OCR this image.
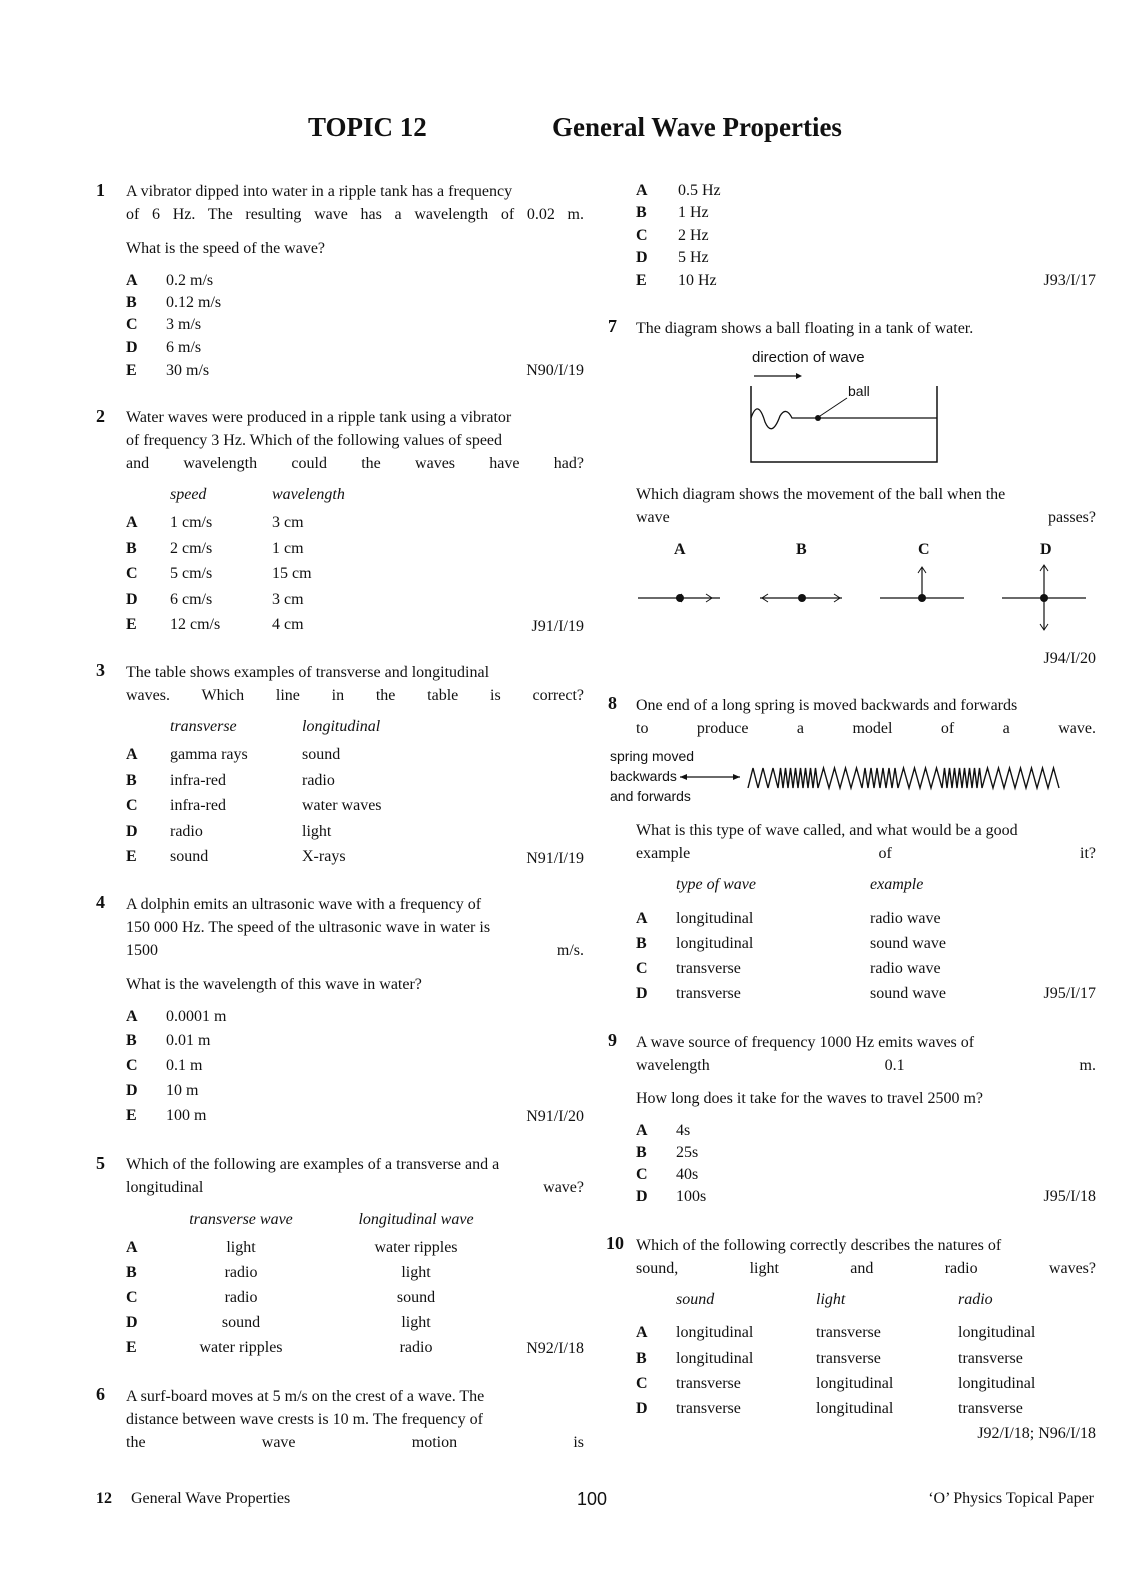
TOPIC 12	General Wave Properties
1 A vibrator dipped into water in a ripple tank has a frequency
of 6 Hz. The resulting wave has a wavelength of 0.02 m.
What is the speed of the wave?
A 0.2 m/s
B 0.12 m/s
C 3 m/s
D 6 m/s
E 30 m/s	N90/I/19
2 Water waves were produced in a ripple tank using a vibrator
of frequency 3 Hz. Which of the following values of speed
and wavelength could the waves have had?
speed	wavelength
A 1 cm/s	3 cm
B 2 cm/s	1 cm
C 5 cm/s	15 cm
D 6 cm/s	3 cm
E 12 cm/s	4 cm	J91/I/19
3 The table shows examples of transverse and longitudinal
waves. Which line in the table is correct?
transverse	longitudinal
A gamma rays	sound
B infra-red	radio
C infra-red	water waves
D radio	light
E sound	X-rays	N91/I/19
4 A dolphin emits an ultrasonic wave with a frequency of
150 000 Hz. The speed of the ultrasonic wave in water is
1500 m/s.
What is the wavelength of this wave in water?
A 0.0001 m
B 0.01 m
C 0.1 m
D 10 m
E 100 m	N91/I/20
5 Which of the following are examples of a transverse and a
longitudinal wave?
transverse wave	longitudinal wave
A	light	water ripples
B	radio	light
C	radio	sound
D	sound	light
E	water ripples	radio	N92/I/18
6 A surf-board moves at 5 m/s on the crest of a wave. The
distance between wave crests is 10 m. The frequency of
the wave motion is
A 0.5 Hz
B 1 Hz
C 2 Hz
D 5 Hz
E 10 Hz	J93/I/17
7 The diagram shows a ball floating in a tank of water.
direction of wave
ball
Which diagram shows the movement of the ball when the
wave passes?
A	B	C	D
J94/I/20
8 One end of a long spring is moved backwards and forwards
to produce a model of a wave.
spring moved
backwards
and forwards
What is this type of wave called, and what would be a good
example of it?
type of wave	example
A longitudinal	radio wave
B longitudinal	sound wave
C transverse	radio wave
D transverse	sound wave	J95/I/17
9 A wave source of frequency 1000 Hz emits waves of
wavelength 0.1 m.
How long does it take for the waves to travel 2500 m?
A 4s
B 25s
C 40s
D 100s	J95/I/18
10 Which of the following correctly describes the natures of
sound, light and radio waves?
sound	light	radio
A longitudinal	transverse	longitudinal
B longitudinal	transverse	transverse
C transverse	longitudinal	longitudinal
D transverse	longitudinal	transverse
J92/I/18; N96/I/18
12 General Wave Properties	100	‘O’ Physics Topical Paper
